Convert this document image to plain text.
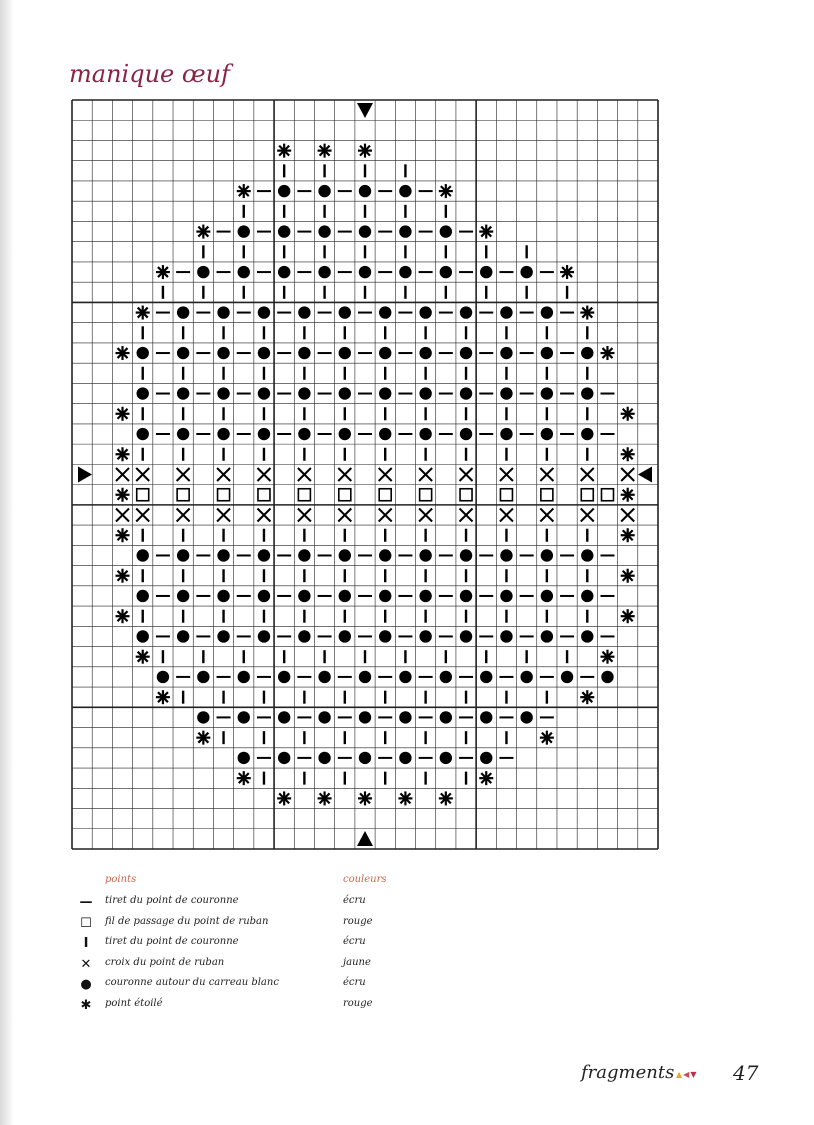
manique œuf
points	couleurs
— tiret du point de couronne	écru
☐ fil de passage du point de ruban	rouge
I	tiret du point de couronne	écru
✕ croix du point de ruban	jaune
● couronne autour du carreau blanc	écru
✱ point étoilé	rouge
fragments ▲◀▼ 47
